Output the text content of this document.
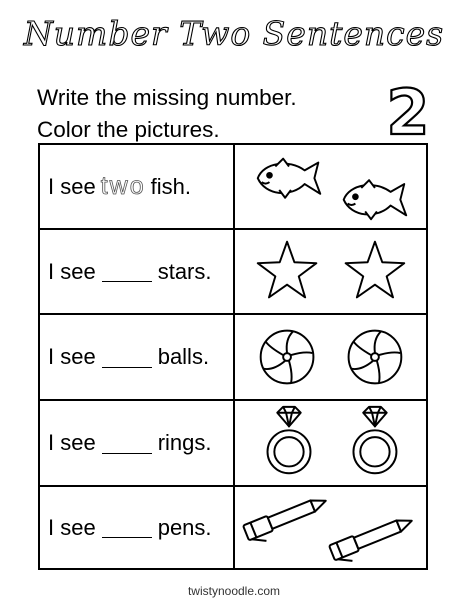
Number Two Sentences
Write the missing number.
Color the pictures.	2
I see two fish.
I see	stars.
I see	balls.
I see	rings.
I see	pens.
twistynoodle.com
